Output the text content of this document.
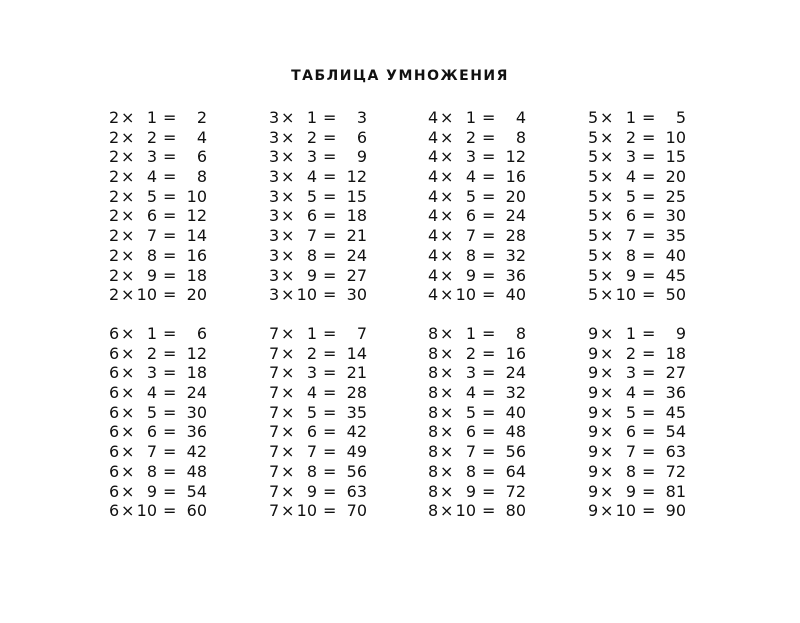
ТАБЛИЦА УМНОЖЕНИЯ
2 × 1 =	2
2 × 2 =	4
2 × 3 =	6
2 × 4 =	8
2 × 5 = 10
2 × 6 = 12
2 × 7 = 14
2 × 8 = 16
2 × 9 = 18
2 × 10 = 20
3 × 1 =	3
3 × 2 =	6
3 × 3 =	9
3 × 4 = 12
3 × 5 = 15
3 × 6 = 18
3 × 7 = 21
3 × 8 = 24
3 × 9 = 27
3 × 10 = 30
4 × 1 =	4
4 × 2 =	8
4 × 3 = 12
4 × 4 = 16
4 × 5 = 20
4 × 6 = 24
4 × 7 = 28
4 × 8 = 32
4 × 9 = 36
4 × 10 = 40
5 × 1 =	5
5 × 2 = 10
5 × 3 = 15
5 × 4 = 20
5 × 5 = 25
5 × 6 = 30
5 × 7 = 35
5 × 8 = 40
5 × 9 = 45
5 × 10 = 50
6 × 1 =	6
6 × 2 = 12
6 × 3 = 18
6 × 4 = 24
6 × 5 = 30
6 × 6 = 36
6 × 7 = 42
6 × 8 = 48
6 × 9 = 54
6 × 10 = 60
7 × 1 =	7
7 × 2 = 14
7 × 3 = 21
7 × 4 = 28
7 × 5 = 35
7 × 6 = 42
7 × 7 = 49
7 × 8 = 56
7 × 9 = 63
7 × 10 = 70
8 × 1 =	8
8 × 2 = 16
8 × 3 = 24
8 × 4 = 32
8 × 5 = 40
8 × 6 = 48
8 × 7 = 56
8 × 8 = 64
8 × 9 = 72
8 × 10 = 80
9 × 1 =	9
9 × 2 = 18
9 × 3 = 27
9 × 4 = 36
9 × 5 = 45
9 × 6 = 54
9 × 7 = 63
9 × 8 = 72
9 × 9 = 81
9 × 10 = 90
